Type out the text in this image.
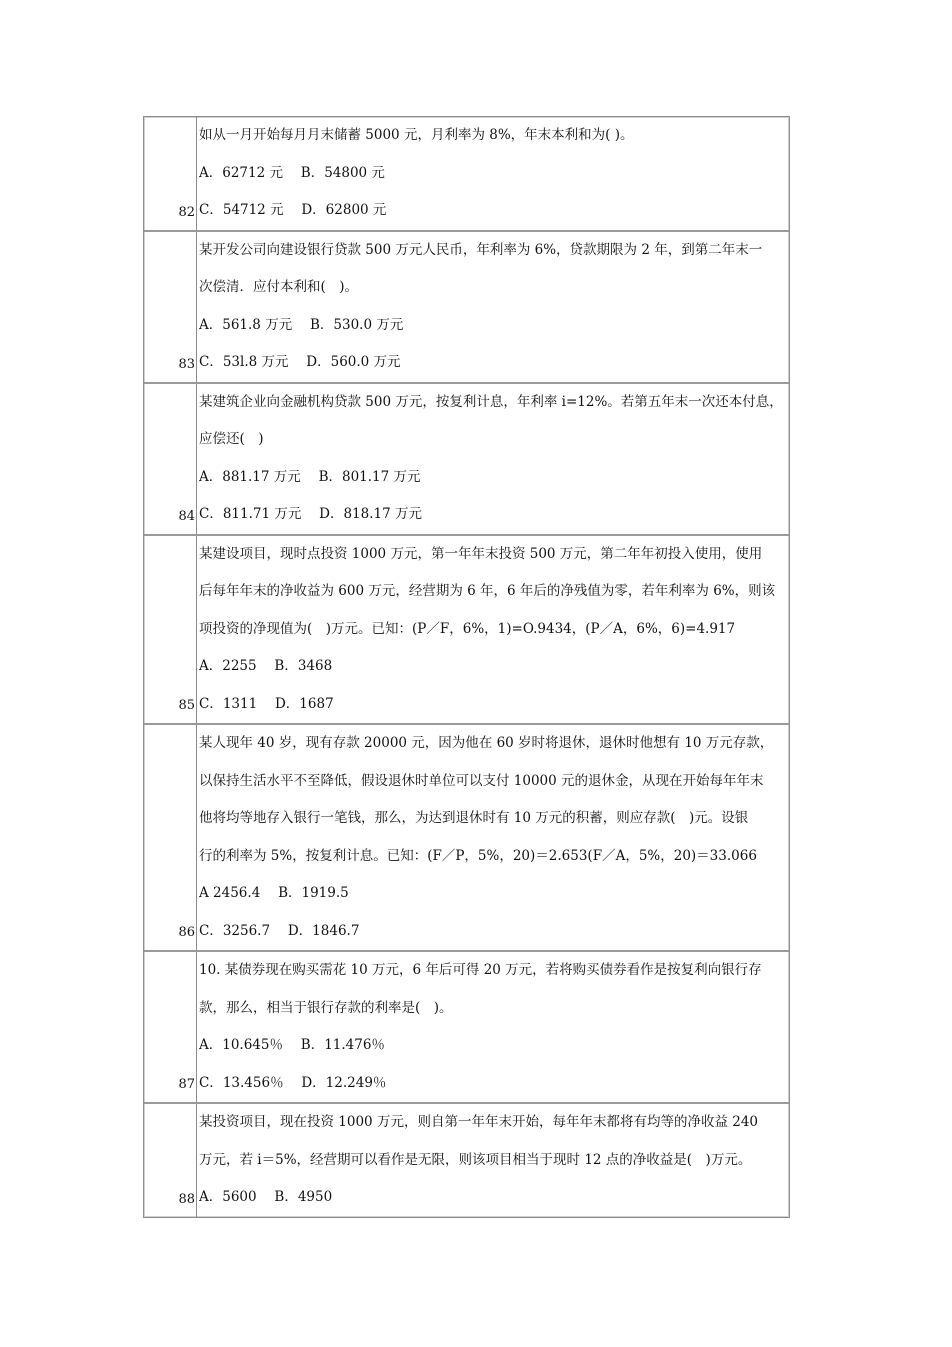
82
如从一月开始每月月末储蓄 5000 元，月利率为 8%，年末本利和为( )。
A．62712 元　 B．54800 元
C．54712 元　 D．62800 元
83
某开发公司向建设银行贷款 500 万元人民币，年利率为 6%，贷款期限为 2 年，到第二年末一
次偿清．应付本利和(　)。
A．561.8 万元　 B．530.0 万元
C．53l.8 万元　 D．560.0 万元
84
某建筑企业向金融机构贷款 500 万元，按复利计息，年利率 i=12%。若第五年末一次还本付息，
应偿还(　)
A．881.17 万元　 B．801.17 万元
C．811.71 万元　 D．818.17 万元
85
某建设项目，现时点投资 1000 万元，第一年年末投资 500 万元，第二年年初投入使用，使用
后每年年末的净收益为 600 万元，经营期为 6 年，6 年后的净残值为零，若年利率为 6%，则该
项投资的净现值为(　)万元。已知：(P／F，6%，1)=O.9434，(P／A，6%，6)=4.917
A．2255　 B．3468
C．1311　 D．1687
86
某人现年 40 岁，现有存款 20000 元，因为他在 60 岁时将退休，退休时他想有 10 万元存款，
以保持生活水平不至降低，假设退休时单位可以支付 10000 元的退休金，从现在开始每年年末
他将均等地存入银行一笔钱，那么，为达到退休时有 10 万元的积蓄，则应存款(　)元。设银
行的利率为 5%，按复利计息。已知：(F／P，5%，20)＝2.653(F／A，5%，20)＝33.066
A 2456.4　 B．1919.5
C．3256.7　 D．1846.7
87
10. 某债券现在购买需花 10 万元，6 年后可得 20 万元，若将购买债券看作是按复利向银行存
款，那么，相当于银行存款的利率是(　)。
A．10.645％　 B．11.476％
C．13.456％　 D．12.249％
88
某投资项目，现在投资 1000 万元，则自第一年年末开始，每年年末都将有均等的净收益 240
万元，若 i＝5%，经营期可以看作是无限，则该项目相当于现时 12 点的净收益是(　)万元。
A．5600　 B．4950
